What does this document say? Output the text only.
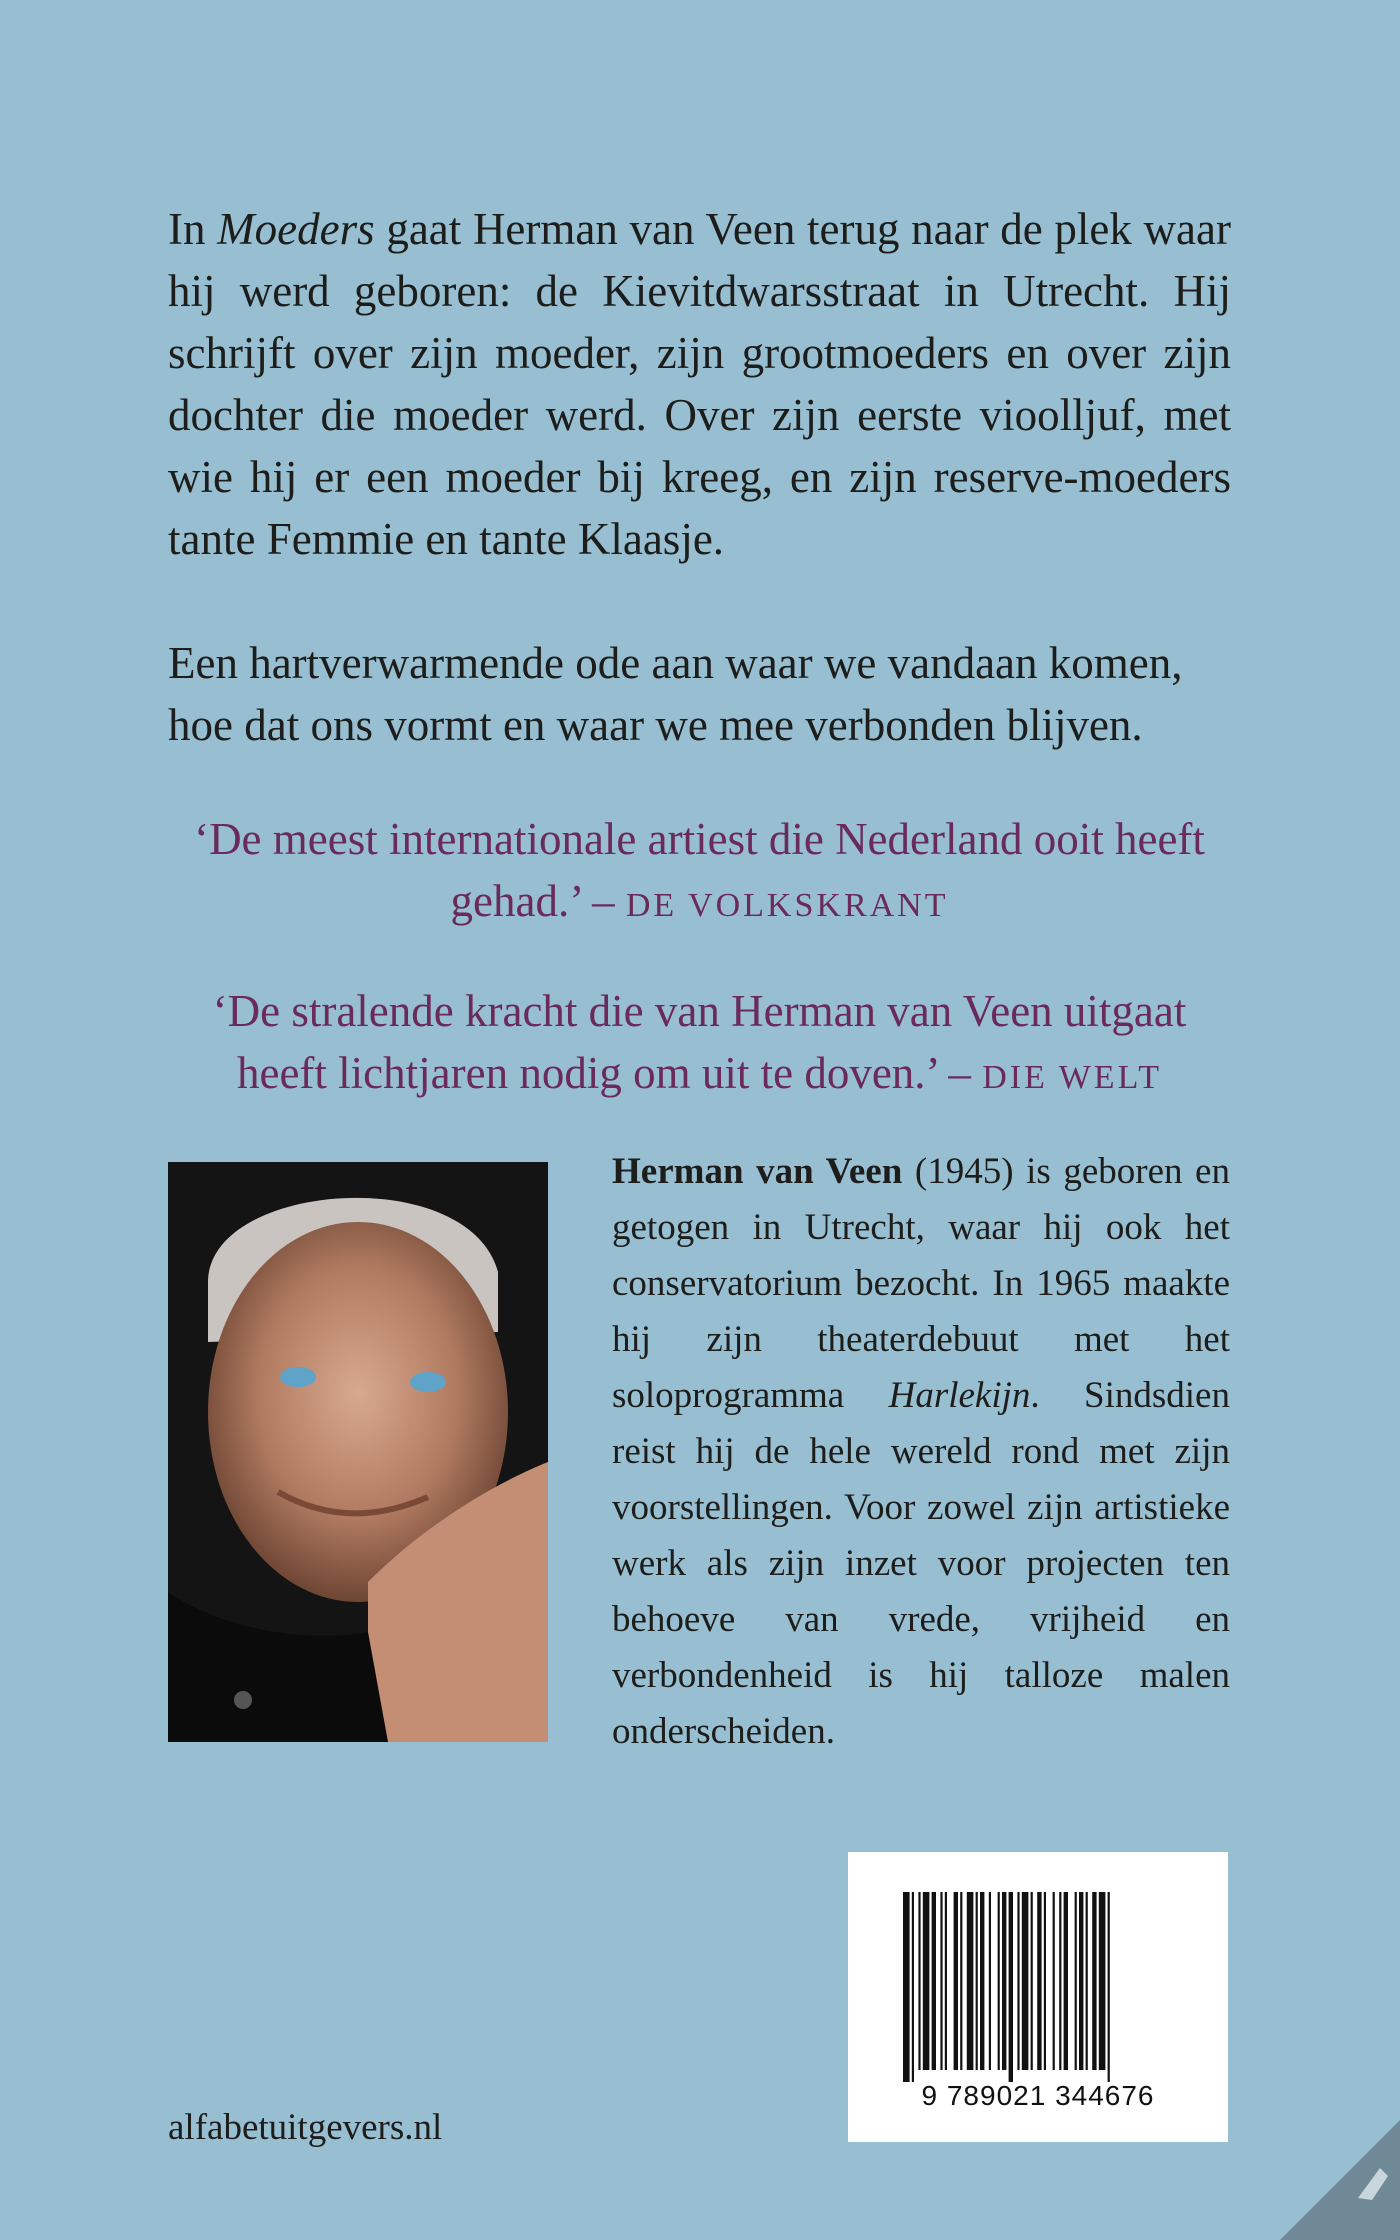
In Moeders gaat Herman van Veen terug naar de plek waar hij werd geboren: de Kievitdwarsstraat in Utrecht. Hij schrijft over zijn moeder, zijn grootmoeders en over zijn dochter die moeder werd. Over zijn eerste vioolljuf, met wie hij er een moeder bij kreeg, en zijn reserve-moeders tante Femmie en tante Klaasje.

Een hartverwarmende ode aan waar we vandaan komen, hoe dat ons vormt en waar we mee verbonden blijven.

‘De meest internationale artiest die Nederland ooit heeft gehad.’ – DE VOLKSKRANT

‘De stralende kracht die van Herman van Veen uitgaat heeft lichtjaren nodig om uit te doven.’ – DIE WELT

Herman van Veen (1945) is geboren en getogen in Utrecht, waar hij ook het conservatorium bezocht. In 1965 maakte hij zijn theaterdebuut met het soloprogramma Harlekijn. Sindsdien reist hij de hele wereld rond met zijn voorstellingen. Voor zowel zijn artistieke werk als zijn inzet voor projecten ten behoeve van vrede, vrijheid en verbondenheid is hij talloze malen onderscheiden.

9 789021 344676
alfabetuitgevers.nl
